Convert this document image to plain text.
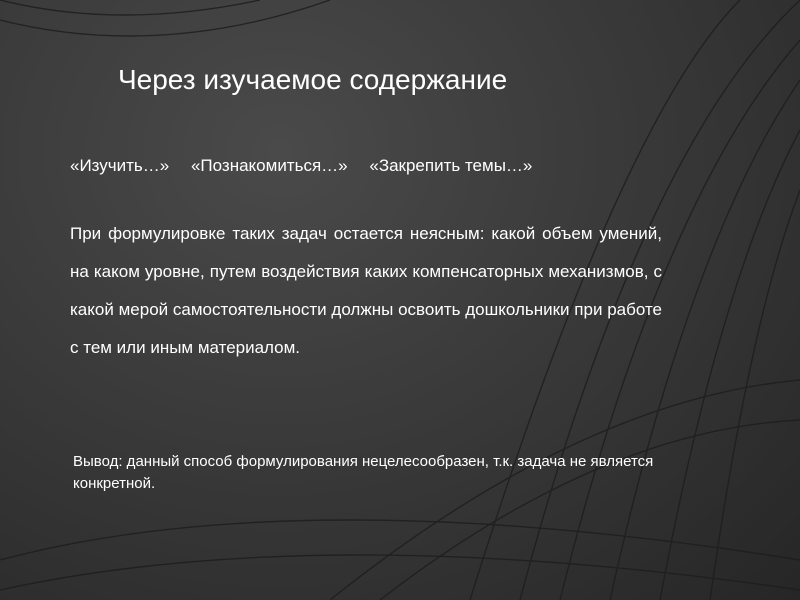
Через изучаемое содержание
«Изучить…» «Познакомиться…» «Закрепить темы…»
При формулировке таких задач остается неясным: какой объем умений, на каком уровне, путем воздействия каких компенсаторных механизмов, с какой мерой самостоятельности должны освоить дошкольники при работе с тем или иным материалом.
Вывод: данный способ формулирования нецелесообразен, т.к. задача не является конкретной.
